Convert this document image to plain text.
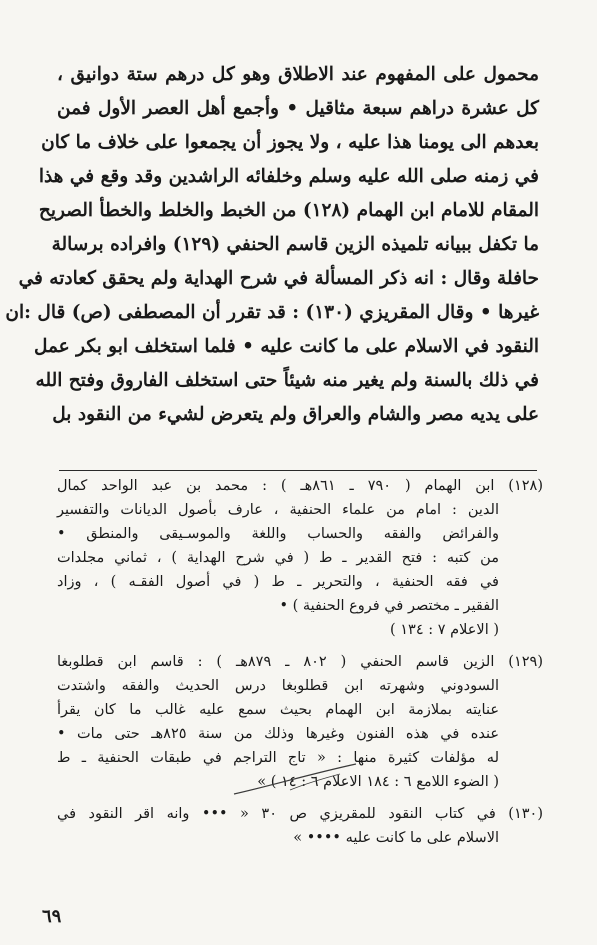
محمول على المفهوم عند الاطلاق وهو كل درهم ستة دوانيق ،
كل عشرة دراهم سبعة مثاقيل • وأجمع أهل العصر الأول فمن
بعدهم الى يومنا هذا عليه ، ولا يجوز أن يجمعوا على خلاف ما كان
في زمنه صلى الله عليه وسلم وخلفائه الراشدين وقد وقع في هذا
المقام للامام ابن الهمام (١٢٨) من الخبط والخلط والخطأ الصريح
ما تكفل ببيانه تلميذه الزين قاسم الحنفي (١٢٩) وافراده برسالة
حافلة وقال : انه ذكر المسألة في شرح الهداية ولم يحقق كعادته في
غيرها • وقال المقريزي (١٣٠) : قد تقرر أن المصطفى (ص) قال :ان
النقود في الاسلام على ما كانت عليه • فلما استخلف ابو بكر عمل
في ذلك بالسنة ولم يغير منه شيئاً حتى استخلف الفاروق وفتح الله
على يديه مصر والشام والعراق ولم يتعرض لشيء من النقود بل
(١٢٨) ابن الهمام ( ٧٩٠ ـ ٨٦١هـ ) : محمد بن عبد الواحد كمال
الدين : امام من علماء الحنفية ، عارف بأصول الديانات والتفسير
والفرائض والفقه والحساب واللغة والموسـيقى والمنطق •
من كتبه : فتح القدير ـ ط ( في شرح الهداية ) ، ثماني مجلدات
في فقه الحنفية ، والتحرير ـ ط ( في أصول الفقـه ) ، وزاد
الفقير ـ مختصر في فروع الحنفية ) •
( الاعلام ٧ : ١٣٤ )
(١٢٩) الزين قاسم الحنفي ( ٨٠٢ ـ ٨٧٩هـ ) : قاسم ابن قطلوبغا
السودوني وشهرته ابن قطلوبغا درس الحديث والفقه واشتدت
عنايته بملازمة ابن الهمام بحيث سمع عليه غالب ما كان يقرأ
عنده في هذه الفنون وغيرها وذلك من سنة ٨٢٥هـ حتى مات •
له مؤلفات كثيرة منها : « تاج التراجم في طبقات الحنفية ـ ط
( الضوء اللامع ٦ : ١٨٤ الاعلام ٦ : ١٤ ) »
(١٣٠) في كتاب النقود للمقريزي ص ٣٠ « ••• وانه اقر النقود في
الاسلام على ما كانت عليه •••• »
٦٩
